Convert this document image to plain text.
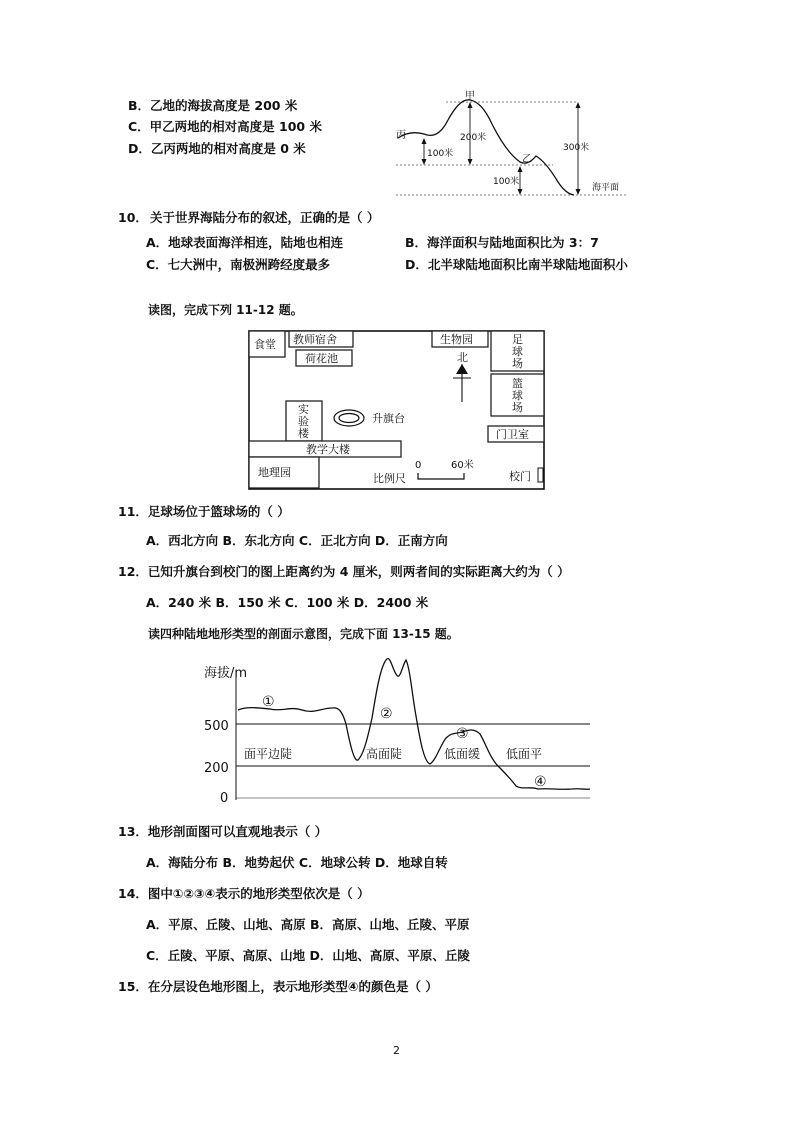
B．乙地的海拔高度是 200 米
C．甲乙两地的相对高度是 100 米
D．乙丙两地的相对高度是 0 米
甲
丙
乙
200米
300米
100米
100米
海平面
10． 关于世界海陆分布的叙述，正确的是（ ）
A．地球表面海洋相连，陆地也相连	B．海洋面积与陆地面积比为 3：7
C．七大洲中，南极洲跨经度最多	D．北半球陆地面积比南半球陆地面积小
读图，完成下列 11-12 题。
食堂 教师宿舍
荷花池
生物园
北
足
球
场
篮
球
场
实
验
楼
升旗台
门卫室
教学大楼
地理园
0	60米
比例尺	校门
11．足球场位于篮球场的（ ）
A．西北方向 B．东北方向 C．正北方向 D．正南方向
12．已知升旗台到校门的图上距离约为 4 厘米，则两者间的实际距离大约为（ ）
A．240 米 B．150 米 C．100 米 D．2400 米
读四种陆地地形类型的剖面示意图，完成下面 13-15 题。
海拔/m
500
200
0
①
②
③
④
面平边陡	高面陡	低面缓 低面平
13．地形剖面图可以直观地表示（ ）
A．海陆分布 B．地势起伏 C．地球公转 D．地球自转
14．图中①②③④表示的地形类型依次是（ ）
A．平原、丘陵、山地、高原 B．高原、山地、丘陵、平原
C．丘陵、平原、高原、山地 D．山地、高原、平原、丘陵
15．在分层设色地形图上，表示地形类型④的颜色是（ ）
2
